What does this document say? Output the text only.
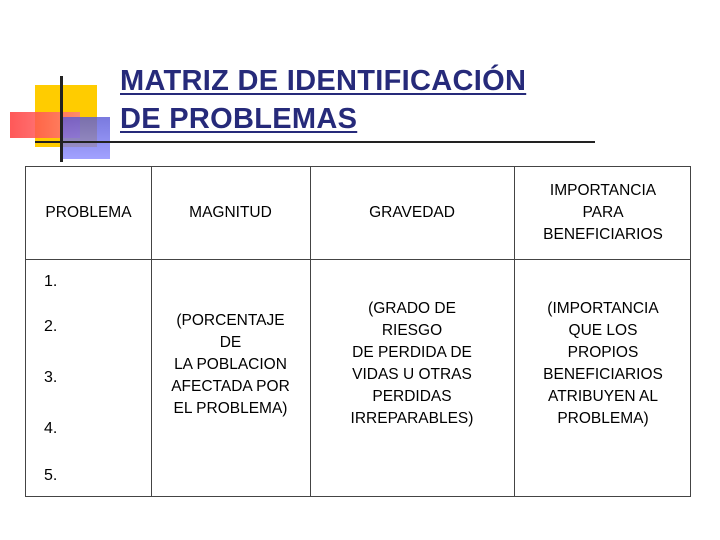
MATRIZ DE IDENTIFICACIÓN
DE PROBLEMAS
PROBLEMA	MAGNITUD	GRAVEDAD
IMPORTANCIA
PARA
BENEFICIARIOS
1.
2.
3.
4.
5.
(PORCENTAJE
DE
LA POBLACION
AFECTADA POR
EL PROBLEMA)
(GRADO DE
RIESGO
DE PERDIDA DE
VIDAS U OTRAS
PERDIDAS
IRREPARABLES)
(IMPORTANCIA
QUE LOS
PROPIOS
BENEFICIARIOS
ATRIBUYEN AL
PROBLEMA)
